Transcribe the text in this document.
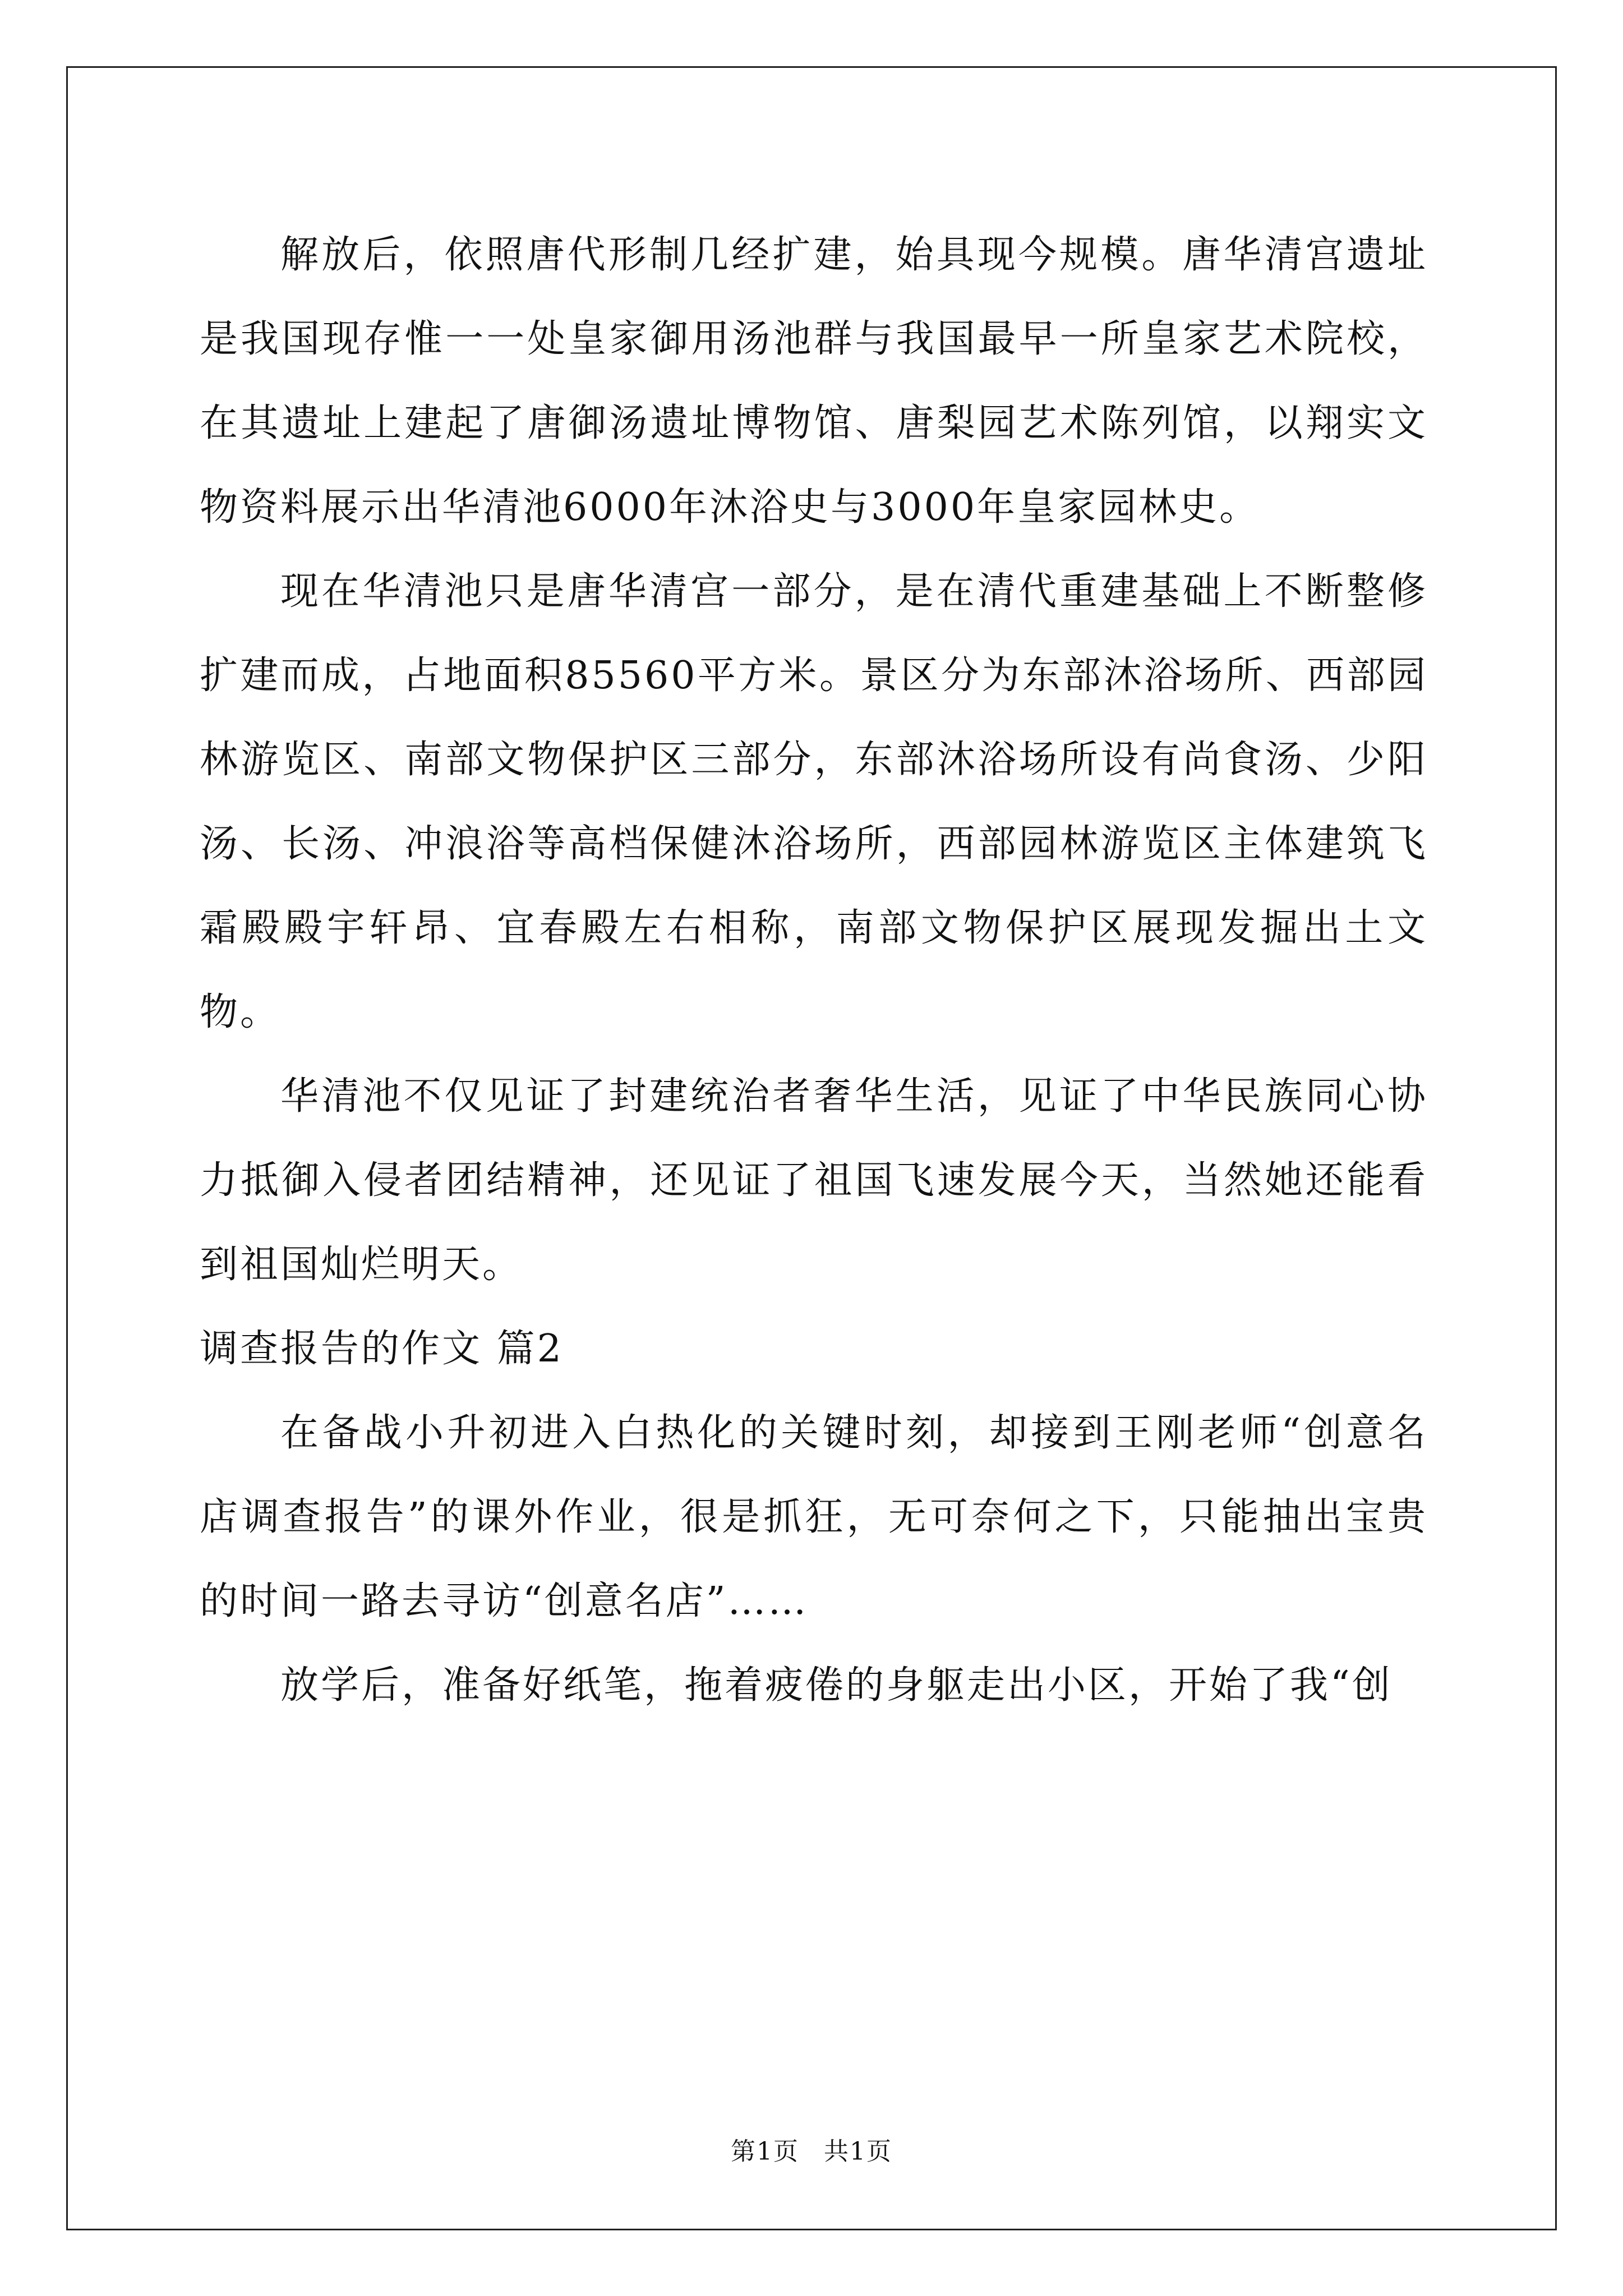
解放后，依照唐代形制几经扩建，始具现今规模。唐华清宫遗址是我国现存惟一一处皇家御用汤池群与我国最早一所皇家艺术院校，在其遗址上建起了唐御汤遗址博物馆、唐梨园艺术陈列馆，以翔实文物资料展示出华清池6000年沐浴史与3000年皇家园林史。

现在华清池只是唐华清宫一部分，是在清代重建基础上不断整修扩建而成，占地面积85560平方米。景区分为东部沐浴场所、西部园林游览区、南部文物保护区三部分，东部沐浴场所设有尚食汤、少阳汤、长汤、冲浪浴等高档保健沐浴场所，西部园林游览区主体建筑飞霜殿殿宇轩昂、宜春殿左右相称，南部文物保护区展现发掘出土文物。

华清池不仅见证了封建统治者奢华生活，见证了中华民族同心协力抵御入侵者团结精神，还见证了祖国飞速发展今天，当然她还能看到祖国灿烂明天。

调查报告的作文 篇2

在备战小升初进入白热化的关键时刻，却接到王刚老师“创意名店调查报告”的课外作业，很是抓狂，无可奈何之下，只能抽出宝贵的时间一路去寻访“创意名店”……

放学后，准备好纸笔，拖着疲倦的身躯走出小区，开始了我“创

第1页 共1页
